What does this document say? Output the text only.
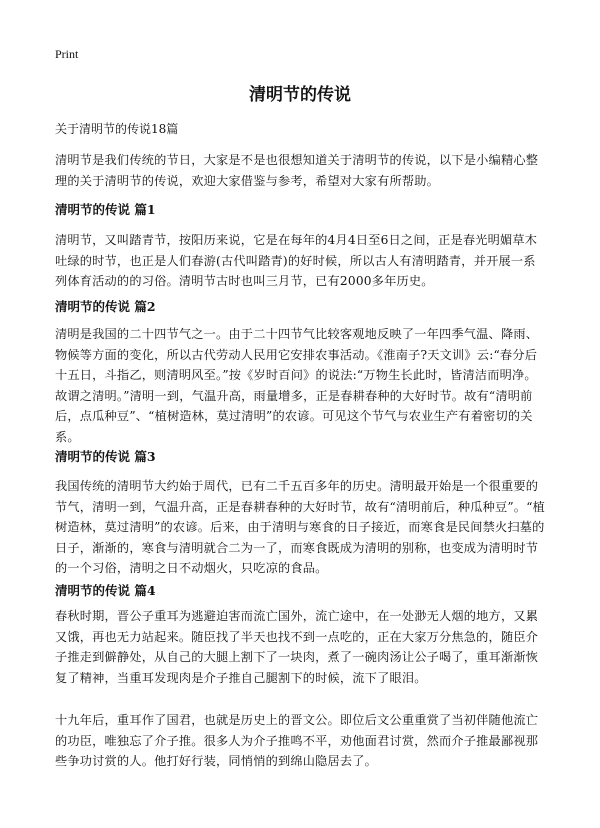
Print
清明节的传说
关于清明节的传说18篇
清明节是我们传统的节日，大家是不是也很想知道关于清明节的传说，以下是小编精心整理的关于清明节的传说，欢迎大家借鉴与参考，希望对大家有所帮助。
清明节的传说 篇1
清明节，又叫踏青节，按阳历来说，它是在每年的4月4日至6日之间，正是春光明媚草木吐绿的时节，也正是人们春游(古代叫踏青)的好时候，所以古人有清明踏青，并开展一系列体育活动的的习俗。清明节古时也叫三月节，已有2000多年历史。
清明节的传说 篇2
清明是我国的二十四节气之一。由于二十四节气比较客观地反映了一年四季气温、降雨、物候等方面的变化，所以古代劳动人民用它安排农事活动。《淮南子?天文训》云:“春分后十五日，斗指乙，则清明风至。”按《岁时百问》的说法:“万物生长此时，皆清洁而明净。故谓之清明。”清明一到，气温升高，雨量增多，正是春耕春种的大好时节。故有“清明前后，点瓜种豆”、“植树造林，莫过清明”的农谚。可见这个节气与农业生产有着密切的关系。
清明节的传说 篇3
我国传统的清明节大约始于周代，已有二千五百多年的历史。清明最开始是一个很重要的节气，清明一到，气温升高，正是春耕春种的大好时节，故有“清明前后，种瓜种豆”。“植树造林，莫过清明”的农谚。后来，由于清明与寒食的日子接近，而寒食是民间禁火扫墓的日子，渐渐的，寒食与清明就合二为一了，而寒食既成为清明的别称，也变成为清明时节的一个习俗，清明之日不动烟火，只吃凉的食品。
清明节的传说 篇4
春秋时期，晋公子重耳为逃避迫害而流亡国外，流亡途中，在一处渺无人烟的地方，又累又饿，再也无力站起来。随臣找了半天也找不到一点吃的，正在大家万分焦急的，随臣介子推走到僻静处，从自己的大腿上割下了一块肉，煮了一碗肉汤让公子喝了，重耳渐渐恢复了精神，当重耳发现肉是介子推自己腿割下的时候，流下了眼泪。
十九年后，重耳作了国君，也就是历史上的晋文公。即位后文公重重赏了当初伴随他流亡的功臣，唯独忘了介子推。很多人为介子推鸣不平，劝他面君讨赏，然而介子推最鄙视那些争功讨赏的人。他打好行装，同悄悄的到绵山隐居去了。
